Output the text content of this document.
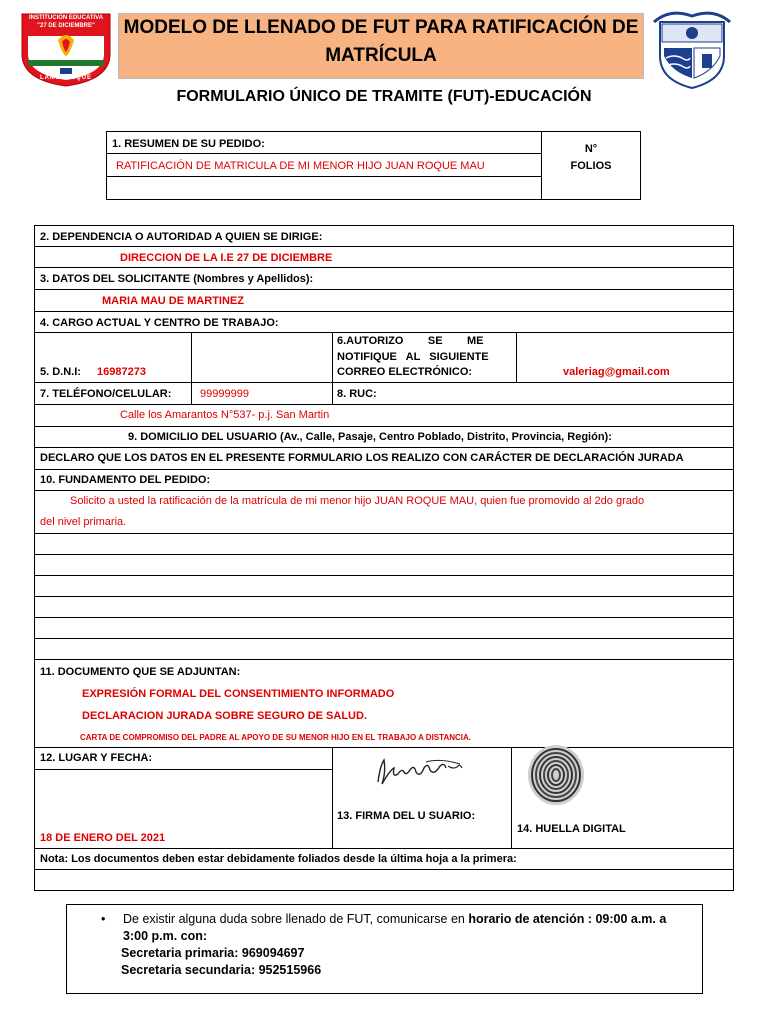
INSTITUCIÓN EDUCATIVA
"27 DE DICIEMBRE"
LAMBAYEQUE
MODELO DE LLENADO DE FUT PARA RATIFICACIÓN DE
MATRÍCULA
FORMULARIO ÚNICO DE TRAMITE (FUT)-EDUCACIÓN
1. RESUMEN DE SU PEDIDO:
RATIFICACIÓN DE MATRICULA DE MI MENOR HIJO JUAN ROQUE MAU
N°
FOLIOS
2. DEPENDENCIA O AUTORIDAD A QUIEN SE DIRIGE:
DIRECCION DE LA I.E 27 DE DICIEMBRE
3. DATOS DEL SOLICITANTE (Nombres y Apellidos):
MARIA MAU DE MARTINEZ
4. CARGO ACTUAL Y CENTRO DE TRABAJO:
5. D.N.I: 16987273
6.AUTORIZO        SE        ME
NOTIFIQUE   AL   SIGUIENTE
CORREO ELECTRÓNICO:	valeriag@gmail.com
7. TELÉFONO/CELULAR:	99999999	8. RUC:
Calle los Amarantos N°537- p.j. San Martin
9. DOMICILIO DEL USUARIO (Av., Calle, Pasaje, Centro Poblado, Distrito, Provincia, Región):
DECLARO QUE LOS DATOS EN EL PRESENTE FORMULARIO LOS REALIZO CON CARÁCTER DE DECLARACIÓN JURADA
10. FUNDAMENTO DEL PEDIDO:
Solicito a usted la ratificación de la matrícula de mi menor hijo JUAN ROQUE MAU, quien fue promovido al 2do grado
del nivel primaria.
11. DOCUMENTO QUE SE ADJUNTAN:
EXPRESIÓN FORMAL DEL CONSENTIMIENTO INFORMADO
DECLARACION JURADA SOBRE SEGURO DE SALUD.
CARTA DE COMPROMISO DEL PADRE AL APOYO DE SU MENOR HIJO EN EL TRABAJO A DISTANCIA.
12. LUGAR Y FECHA:
18 DE ENERO DEL 2021
13. FIRMA DEL U SUARIO:
14. HUELLA DIGITAL
Nota: Los documentos deben estar debidamente foliados desde la última hoja a la primera:
• De existir alguna duda sobre llenado de FUT, comunicarse en horario de atención : 09:00 a.m. a
3:00 p.m. con:
Secretaria primaria: 969094697
Secretaria secundaria: 952515966
